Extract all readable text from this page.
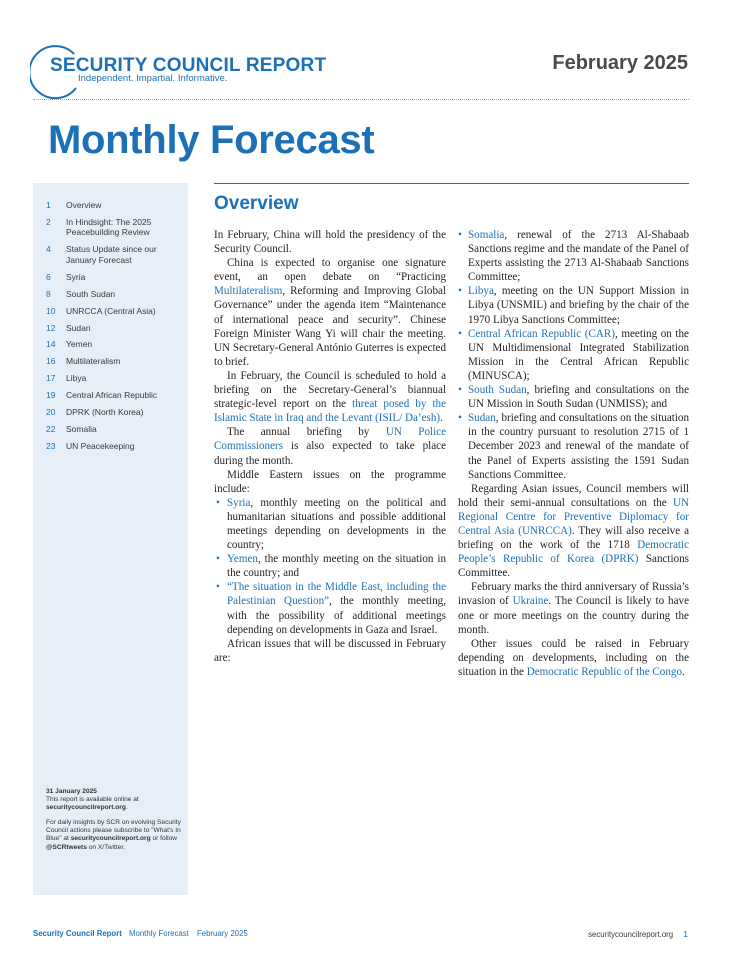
SECURITY COUNCIL REPORT
Independent. Impartial. Informative.
February 2025
Monthly Forecast
1	Overview
2	In Hindsight: The 2025 Peacebuilding Review
4	Status Update since our January Forecast
6	Syria
8	South Sudan
10	UNRCCA (Central Asia)
12	Sudan
14	Yemen
16	Multilateralism
17	Libya
19	Central African Republic
20	DPRK (North Korea)
22	Somalia
23	UN Peacekeeping

31 January 2025
This report is available online at
securitycouncilreport.org.

For daily insights by SCR on evolving Security Council actions please subscribe to "What's In Blue" at securitycouncilreport.org or follow @SCRtweets on X/Twitter.

Overview

In February, China will hold the presidency of the Security Council.

China is expected to organise one signature event, an open debate on “Practicing Multilateralism, Reforming and Improving Global Governance” under the agenda item “Maintenance of international peace and security”. Chinese Foreign Minister Wang Yi will chair the meeting. UN Secretary-General António Guterres is expected to brief.

In February, the Council is scheduled to hold a briefing on the Secretary-General’s biannual strategic-level report on the threat posed by the Islamic State in Iraq and the Levant (ISIL/ Da’esh).

The annual briefing by UN Police Commissioners is also expected to take place during the month.

Middle Eastern issues on the programme include:

• Syria, monthly meeting on the political and humanitarian situations and possible additional meetings depending on developments in the country;
• Yemen, the monthly meeting on the situation in the country; and
• “The situation in the Middle East, including the Palestinian Question”, the monthly meeting, with the possibility of additional meetings depending on developments in Gaza and Israel.

African issues that will be discussed in February are:

• Somalia, renewal of the 2713 Al-Shabaab Sanctions regime and the mandate of the Panel of Experts assisting the 2713 Al-Shabaab Sanctions Committee;
• Libya, meeting on the UN Support Mission in Libya (UNSMIL) and briefing by the chair of the 1970 Libya Sanctions Committee;
• Central African Republic (CAR), meeting on the UN Multidimensional Integrated Stabilization Mission in the Central African Republic (MINUSCA);
• South Sudan, briefing and consultations on the UN Mission in South Sudan (UNMISS); and
• Sudan, briefing and consultations on the situation in the country pursuant to resolution 2715 of 1 December 2023 and renewal of the mandate of the Panel of Experts assisting the 1591 Sudan Sanctions Committee.

Regarding Asian issues, Council members will hold their semi-annual consultations on the UN Regional Centre for Preventive Diplomacy for Central Asia (UNRCCA). They will also receive a briefing on the work of the 1718 Democratic People’s Republic of Korea (DPRK) Sanctions Committee.

February marks the third anniversary of Russia’s invasion of Ukraine. The Council is likely to have one or more meetings on the country during the month.

Other issues could be raised in February depending on developments, including on the situation in the Democratic Republic of the Congo.

Security Council Report Monthly Forecast February 2025	securitycouncilreport.org 1
